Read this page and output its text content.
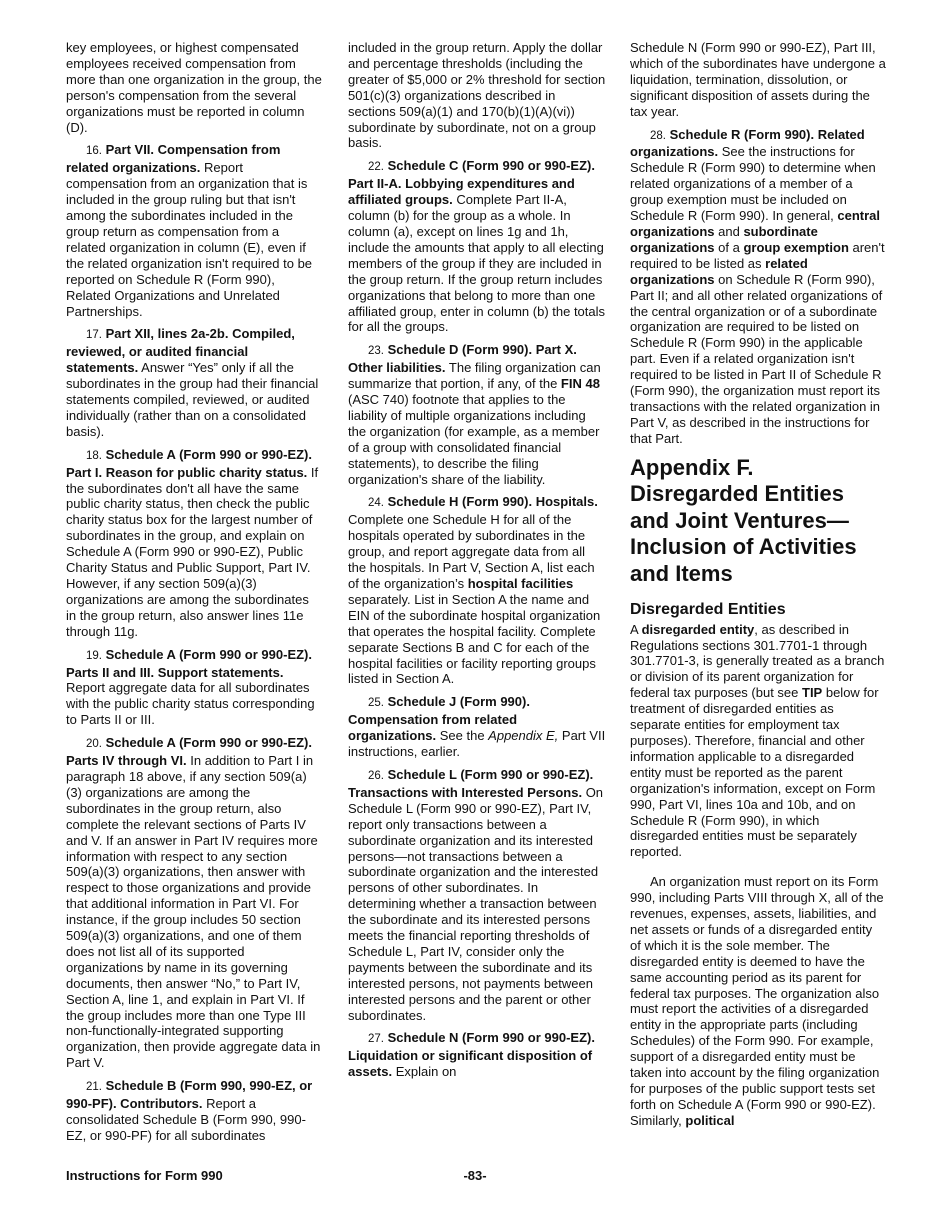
key employees, or highest compensated employees received compensation from more than one organization in the group, the person's compensation from the several organizations must be reported in column (D).

16. Part VII. Compensation from related organizations. Report compensation from an organization that is included in the group ruling but that isn't among the subordinates included in the group return as compensation from a related organization in column (E), even if the related organization isn't required to be reported on Schedule R (Form 990), Related Organizations and Unrelated Partnerships.

17. Part XII, lines 2a-2b. Compiled, reviewed, or audited financial statements. Answer “Yes” only if all the subordinates in the group had their financial statements compiled, reviewed, or audited individually (rather than on a consolidated basis).

18. Schedule A (Form 990 or 990-EZ). Part I. Reason for public charity status. If the subordinates don't all have the same public charity status, then check the public charity status box for the largest number of subordinates in the group, and explain on Schedule A (Form 990 or 990-EZ), Public Charity Status and Public Support, Part IV. However, if any section 509(a)(3) organizations are among the subordinates in the group return, also answer lines 11e through 11g.

19. Schedule A (Form 990 or 990-EZ). Parts II and III. Support statements. Report aggregate data for all subordinates with the public charity status corresponding to Parts II or III.

20. Schedule A (Form 990 or 990-EZ). Parts IV through VI. In addition to Part I in paragraph 18 above, if any section 509(a)(3) organizations are among the subordinates in the group return, also complete the relevant sections of Parts IV and V. If an answer in Part IV requires more information with respect to any section 509(a)(3) organizations, then answer with respect to those organizations and provide that additional information in Part VI. For instance, if the group includes 50 section 509(a)(3) organizations, and one of them does not list all of its supported organizations by name in its governing documents, then answer “No,” to Part IV, Section A, line 1, and explain in Part VI. If the group includes more than one Type III non-functionally-integrated supporting organization, then provide aggregate data in Part V.

21. Schedule B (Form 990, 990-EZ, or 990-PF). Contributors. Report a consolidated Schedule B (Form 990, 990-EZ, or 990-PF) for all subordinates

included in the group return. Apply the dollar and percentage thresholds (including the greater of $5,000 or 2% threshold for section 501(c)(3) organizations described in sections 509(a)(1) and 170(b)(1)(A)(vi)) subordinate by subordinate, not on a group basis.

22. Schedule C (Form 990 or 990-EZ). Part II-A. Lobbying expenditures and affiliated groups. Complete Part II-A, column (b) for the group as a whole. In column (a), except on lines 1g and 1h, include the amounts that apply to all electing members of the group if they are included in the group return. If the group return includes organizations that belong to more than one affiliated group, enter in column (b) the totals for all the groups.

23. Schedule D (Form 990). Part X. Other liabilities. The filing organization can summarize that portion, if any, of the FIN 48 (ASC 740) footnote that applies to the liability of multiple organizations including the organization (for example, as a member of a group with consolidated financial statements), to describe the filing organization's share of the liability.

24. Schedule H (Form 990). Hospitals. Complete one Schedule H for all of the hospitals operated by subordinates in the group, and report aggregate data from all the hospitals. In Part V, Section A, list each of the organization’s hospital facilities separately. List in Section A the name and EIN of the subordinate hospital organization that operates the hospital facility. Complete separate Sections B and C for each of the hospital facilities or facility reporting groups listed in Section A.

25. Schedule J (Form 990). Compensation from related organizations. See the Appendix E, Part VII instructions, earlier.

26. Schedule L (Form 990 or 990-EZ). Transactions with Interested Persons. On Schedule L (Form 990 or 990-EZ), Part IV, report only transactions between a subordinate organization and its interested persons—not transactions between a subordinate organization and the interested persons of other subordinates. In determining whether a transaction between the subordinate and its interested persons meets the financial reporting thresholds of Schedule L, Part IV, consider only the payments between the subordinate and its interested persons, not payments between interested persons and the parent or other subordinates.

27. Schedule N (Form 990 or 990-EZ). Liquidation or significant disposition of assets. Explain on

Schedule N (Form 990 or 990-EZ), Part III, which of the subordinates have undergone a liquidation, termination, dissolution, or significant disposition of assets during the tax year.

28. Schedule R (Form 990). Related organizations. See the instructions for Schedule R (Form 990) to determine when related organizations of a member of a group exemption must be included on Schedule R (Form 990). In general, central organizations and subordinate organizations of a group exemption aren't required to be listed as related organizations on Schedule R (Form 990), Part II; and all other related organizations of the central organization or of a subordinate organization are required to be listed on Schedule R (Form 990) in the applicable part. Even if a related organization isn't required to be listed in Part II of Schedule R (Form 990), the organization must report its transactions with the related organization in Part V, as described in the instructions for that Part.

Appendix F. Disregarded Entities and Joint Ventures—Inclusion of Activities and Items
Disregarded Entities

A disregarded entity, as described in Regulations sections 301.7701-1 through 301.7701-3, is generally treated as a branch or division of its parent organization for federal tax purposes (but see TIP below for treatment of disregarded entities as separate entities for employment tax purposes). Therefore, financial and other information applicable to a disregarded entity must be reported as the parent organization's information, except on Form 990, Part VI, lines 10a and 10b, and on Schedule R (Form 990), in which disregarded entities must be separately reported.

An organization must report on its Form 990, including Parts VIII through X, all of the revenues, expenses, assets, liabilities, and net assets or funds of a disregarded entity of which it is the sole member. The disregarded entity is deemed to have the same accounting period as its parent for federal tax purposes. The organization also must report the activities of a disregarded entity in the appropriate parts (including Schedules) of the Form 990. For example, support of a disregarded entity must be taken into account by the filing organization for purposes of the public support tests set forth on Schedule A (Form 990 or 990-EZ). Similarly, political

Instructions for Form 990	-83-
